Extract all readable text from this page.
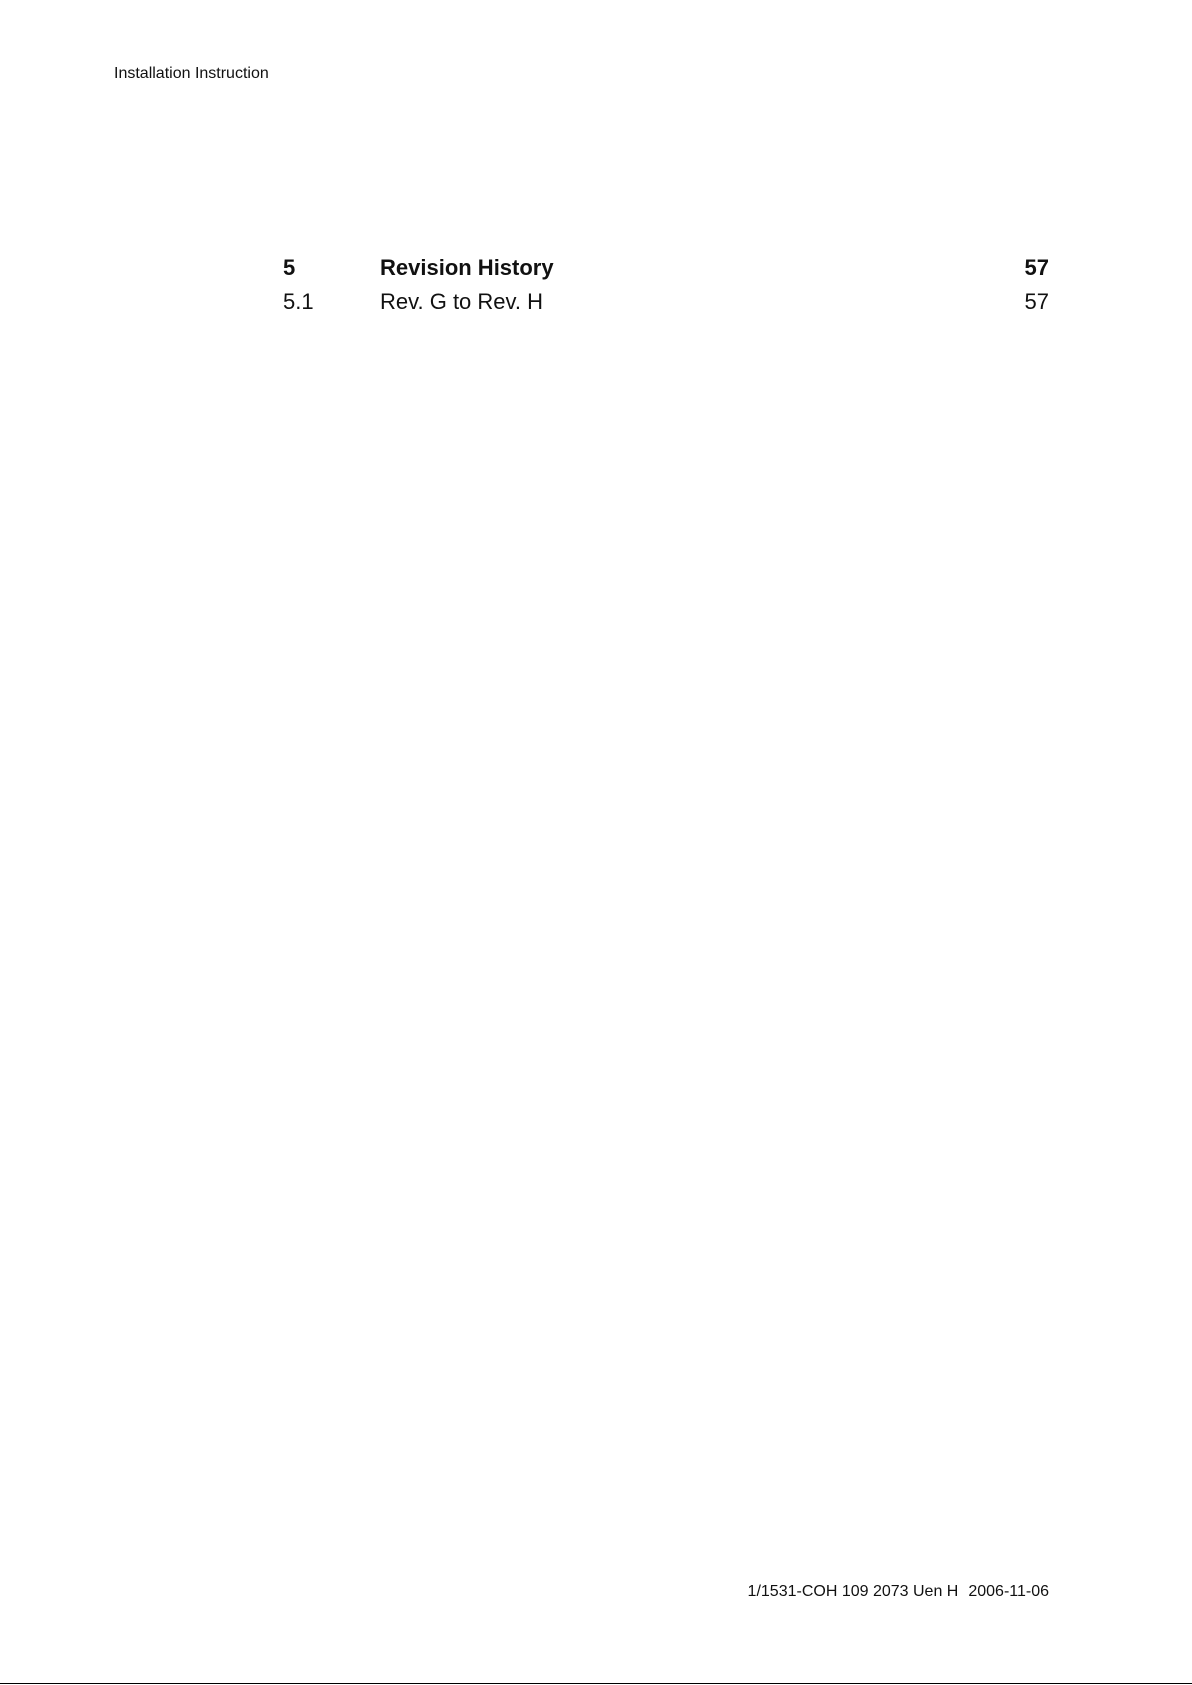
Installation Instruction
5	Revision History	57
5.1	Rev. G to Rev. H	57
1/1531-COH 109 2073 Uen H 2006-11-06
